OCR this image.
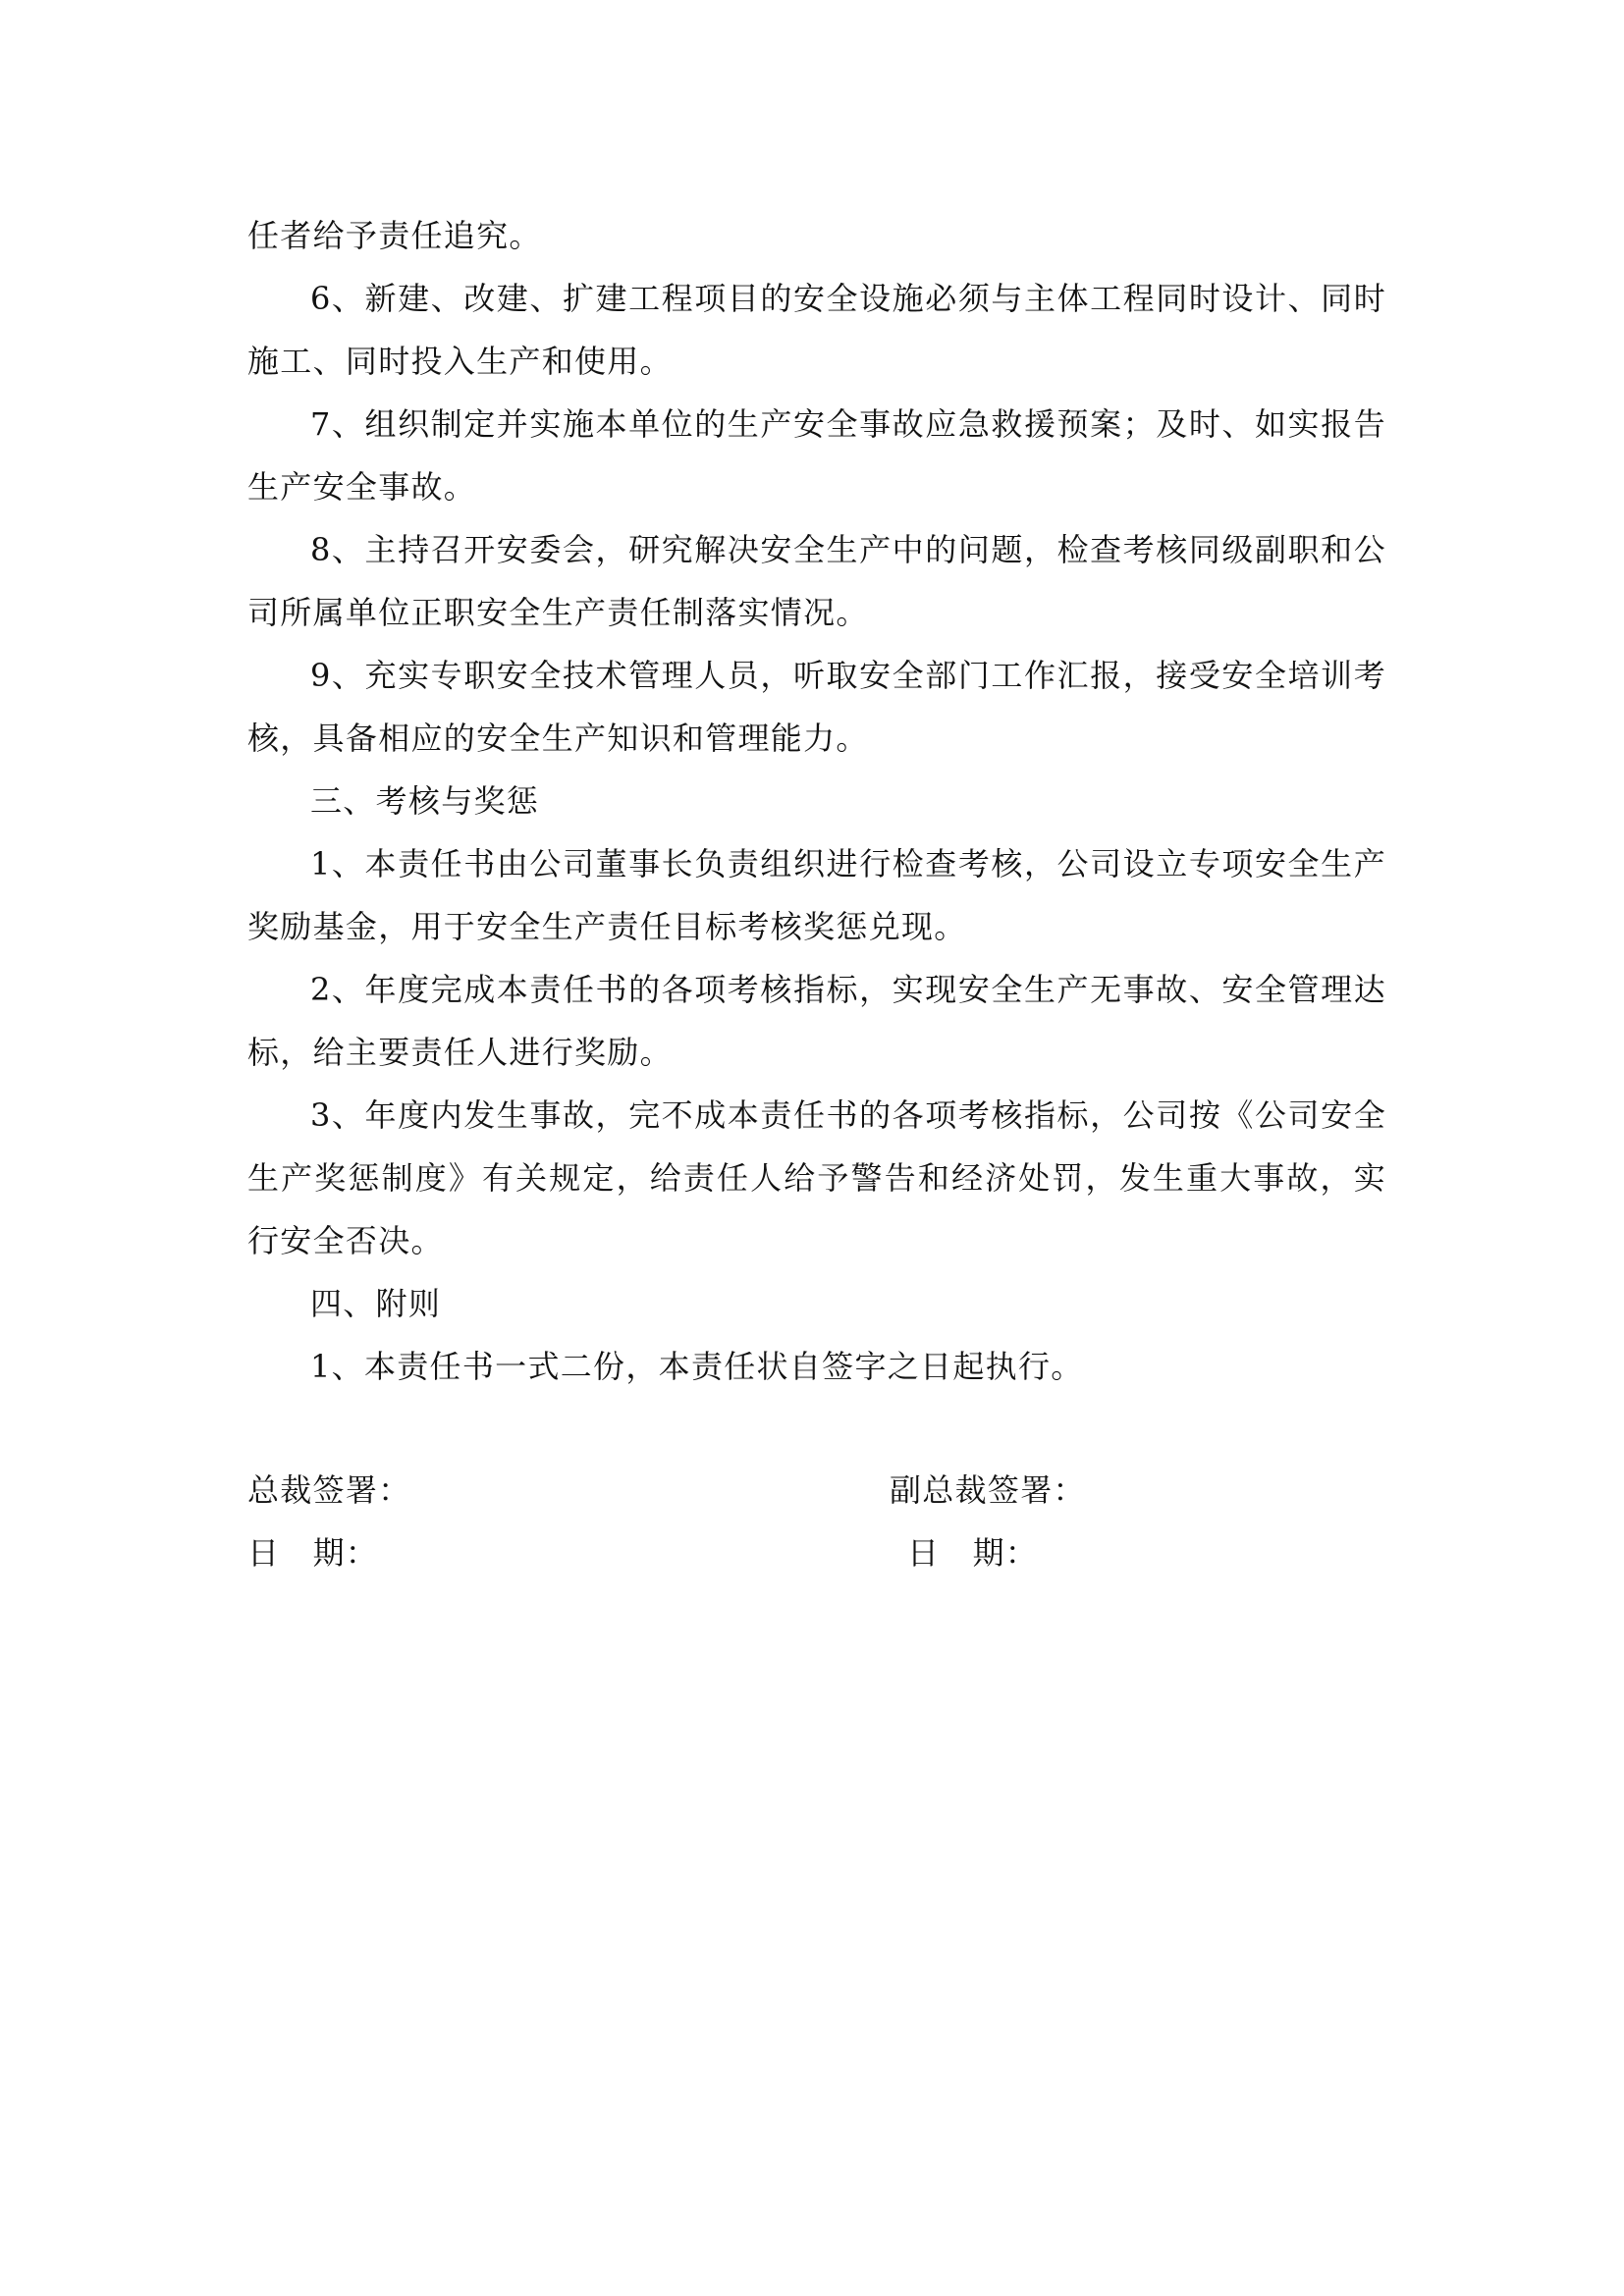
任者给予责任追究。

6、新建、改建、扩建工程项目的安全设施必须与主体工程同时设计、同时施工、同时投入生产和使用。

7、组织制定并实施本单位的生产安全事故应急救援预案；及时、如实报告生产安全事故。

8、主持召开安委会，研究解决安全生产中的问题，检查考核同级副职和公司所属单位正职安全生产责任制落实情况。

9、充实专职安全技术管理人员，听取安全部门工作汇报，接受安全培训考核，具备相应的安全生产知识和管理能力。

三、考核与奖惩

1、本责任书由公司董事长负责组织进行检查考核，公司设立专项安全生产奖励基金，用于安全生产责任目标考核奖惩兑现。

2、年度完成本责任书的各项考核指标，实现安全生产无事故、安全管理达标，给主要责任人进行奖励。

3、年度内发生事故，完不成本责任书的各项考核指标，公司按《公司安全生产奖惩制度》有关规定，给责任人给予警告和经济处罚，发生重大事故，实行安全否决。

四、附则

1、本责任书一式二份，本责任状自签字之日起执行。

总裁签署：	副总裁签署：
日　期：	日　期：
